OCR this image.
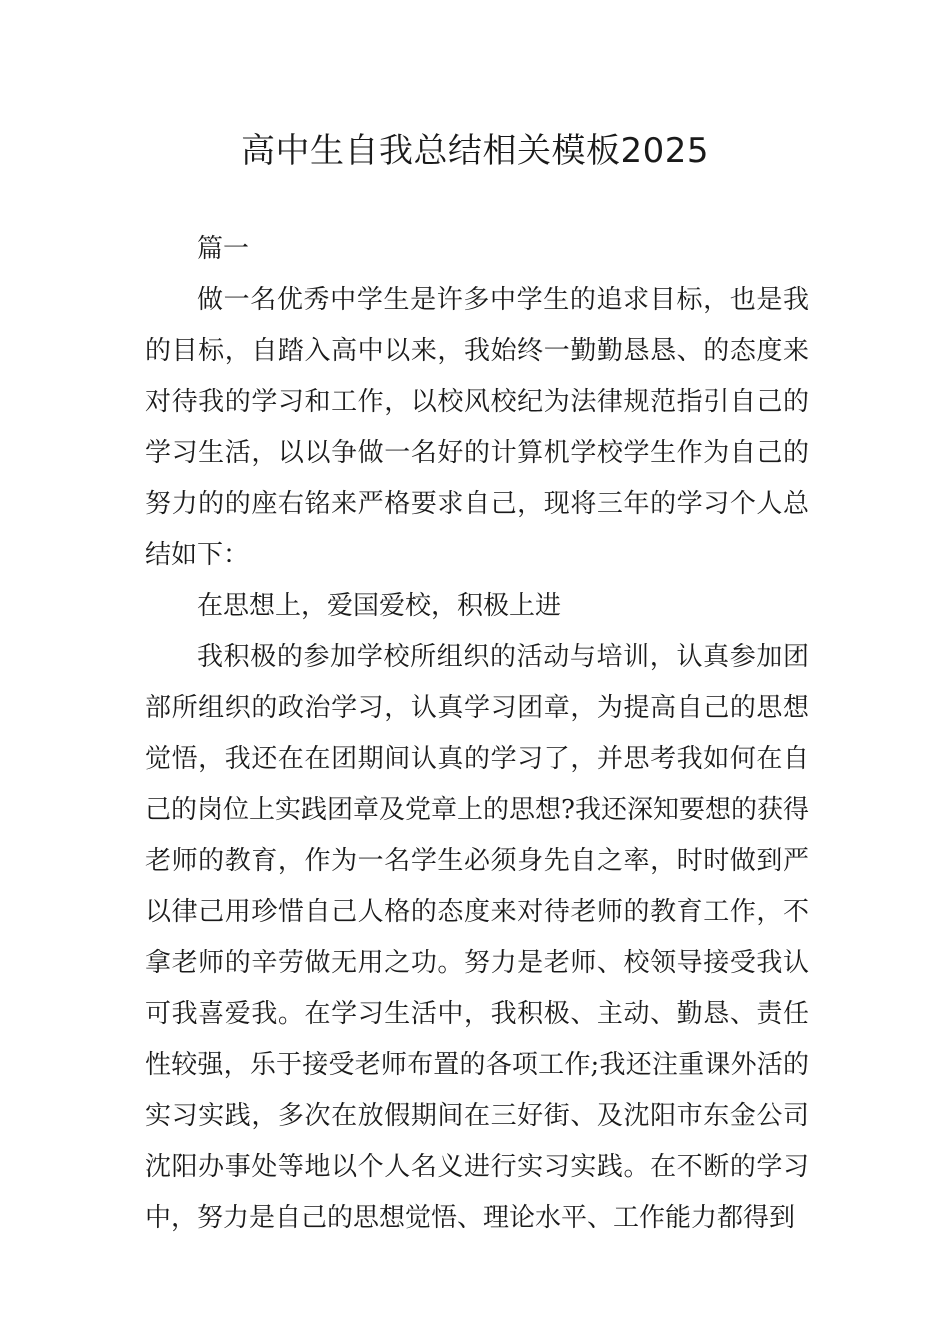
高中生自我总结相关模板2025

篇一

做一名优秀中学生是许多中学生的追求目标，也是我的目标，自踏入高中以来，我始终一勤勤恳恳、的态度来对待我的学习和工作，以校风校纪为法律规范指引自己的学习生活，以以争做一名好的计算机学校学生作为自己的努力的的座右铭来严格要求自己，现将三年的学习个人总结如下：

在思想上，爱国爱校，积极上进

我积极的参加学校所组织的活动与培训，认真参加团部所组织的政治学习，认真学习团章，为提高自己的思想觉悟，我还在在团期间认真的学习了，并思考我如何在自己的岗位上实践团章及党章上的思想?我还深知要想的获得老师的教育，作为一名学生必须身先自之率，时时做到严以律己用珍惜自己人格的态度来对待老师的教育工作，不拿老师的辛劳做无用之功。努力是老师、校领导接受我认可我喜爱我。在学习生活中，我积极、主动、勤恳、责任性较强，乐于接受老师布置的各项工作;我还注重课外活的实习实践，多次在放假期间在三好街、及沈阳市东金公司沈阳办事处等地以个人名义进行实习实践。在不断的学习中，努力是自己的思想觉悟、理论水平、工作能力都得到
